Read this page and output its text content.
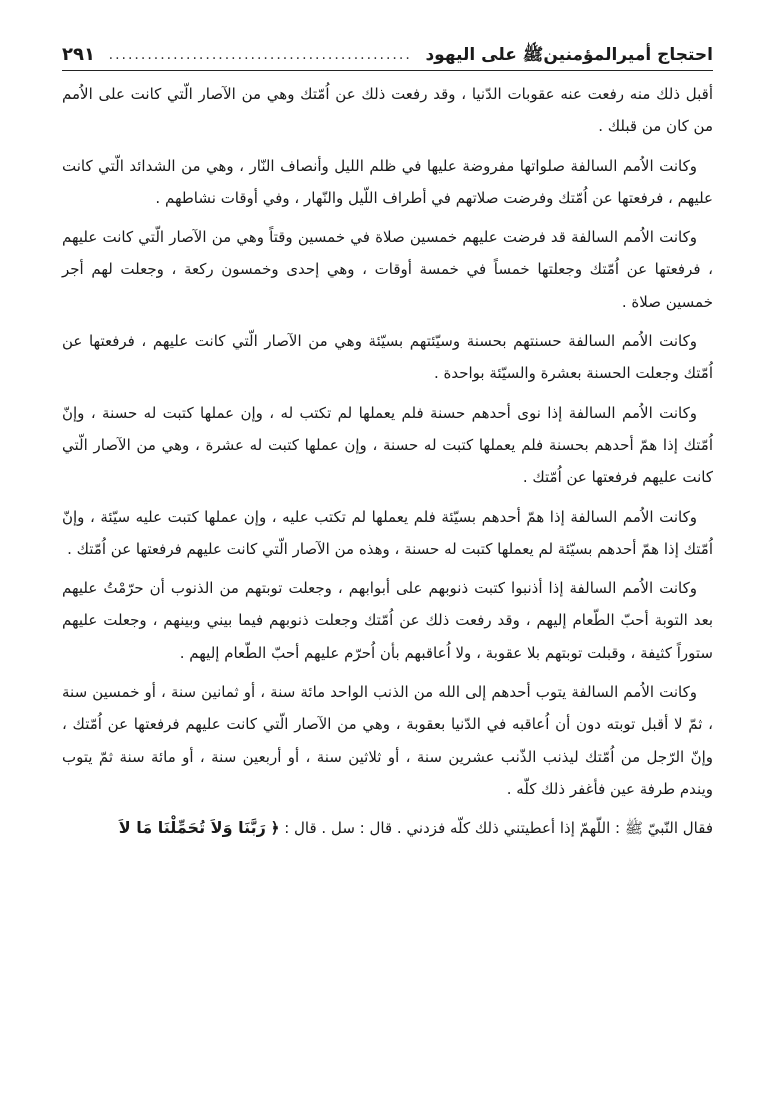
احتجاج أميرالمؤمنينﷺ على اليهود
...............................................
٢٩١

أقبل ذلك منه رفعت عنه عقوبات الدّنيا ، وقد رفعت ذلك عن اُمّتك وهي من الآصار الّتي كانت على الاُمم من كان من قبلك .

وكانت الاُمم السالفة صلواتها مفروضة عليها في ظلم الليل وأنصاف النّار ، وهي من الشدائد الّتي كانت عليهم ، فرفعتها عن اُمّتك وفرضت صلاتهم في أطراف اللّيل والنّهار ، وفي أوقات نشاطهم .

وكانت الاُمم السالفة قد فرضت عليهم خمسين صلاة في خمسين وقتاً وهي من الآصار الّتي كانت عليهم ، فرفعتها عن اُمّتك وجعلتها خمساً في خمسة أوقات ، وهي إحدى وخمسون ركعة ، وجعلت لهم أجر خمسين صلاة .

وكانت الاُمم السالفة حسنتهم بحسنة وسيّئتهم بسيّئة وهي من الآصار الّتي كانت عليهم ، فرفعتها عن اُمّتك وجعلت الحسنة بعشرة والسيّئة بواحدة .

وكانت الاُمم السالفة إذا نوى أحدهم حسنة فلم يعملها لم تكتب له ، وإن عملها كتبت له حسنة ، وإنّ اُمّتك إذا همّ أحدهم بحسنة فلم يعملها كتبت له حسنة ، وإن عملها كتبت له عشرة ، وهي من الآصار الّتي كانت عليهم فرفعتها عن اُمّتك .

وكانت الاُمم السالفة إذا همّ أحدهم بسيّئة فلم يعملها لم تكتب عليه ، وإن عملها كتبت عليه سيّئة ، وإنّ اُمّتك إذا همّ أحدهم بسيّئة لم يعملها كتبت له حسنة ، وهذه من الآصار الّتي كانت عليهم فرفعتها عن اُمّتك .

وكانت الاُمم السالفة إذا أذنبوا كتبت ذنوبهم على أبوابهم ، وجعلت توبتهم من الذنوب أن حرّمْتُ عليهم بعد التوبة أحبّ الطّعام إليهم ، وقد رفعت ذلك عن اُمّتك وجعلت ذنوبهم فيما بيني وبينهم ، وجعلت عليهم ستوراً كثيفة ، وقبلت توبتهم بلا عقوبة ، ولا اُعاقبهم بأن اُحرّم عليهم أحبّ الطّعام إليهم .

وكانت الاُمم السالفة يتوب أحدهم إلى الله من الذنب الواحد مائة سنة ، أو ثمانين سنة ، أو خمسين سنة ، ثمّ لا أقبل توبته دون أن اُعاقبه في الدّنيا بعقوبة ، وهي من الآصار الّتي كانت عليهم فرفعتها عن اُمّتك ، وإنّ الرّجل من اُمّتك ليذنب الذّنب عشرين سنة ، أو ثلاثين سنة ، أو أربعين سنة ، أو مائة سنة ثمّ يتوب ويندم طرفة عين فأغفر ذلك كلّه .

فقال النّبيّ ﷺ : اللّهمّ إذا أعطيتني ذلك كلّه فزدني . قال : سل . قال : ﴿ رَبَّنَا وَلاَ تُحَمِّلْنَا مَا لاَ
